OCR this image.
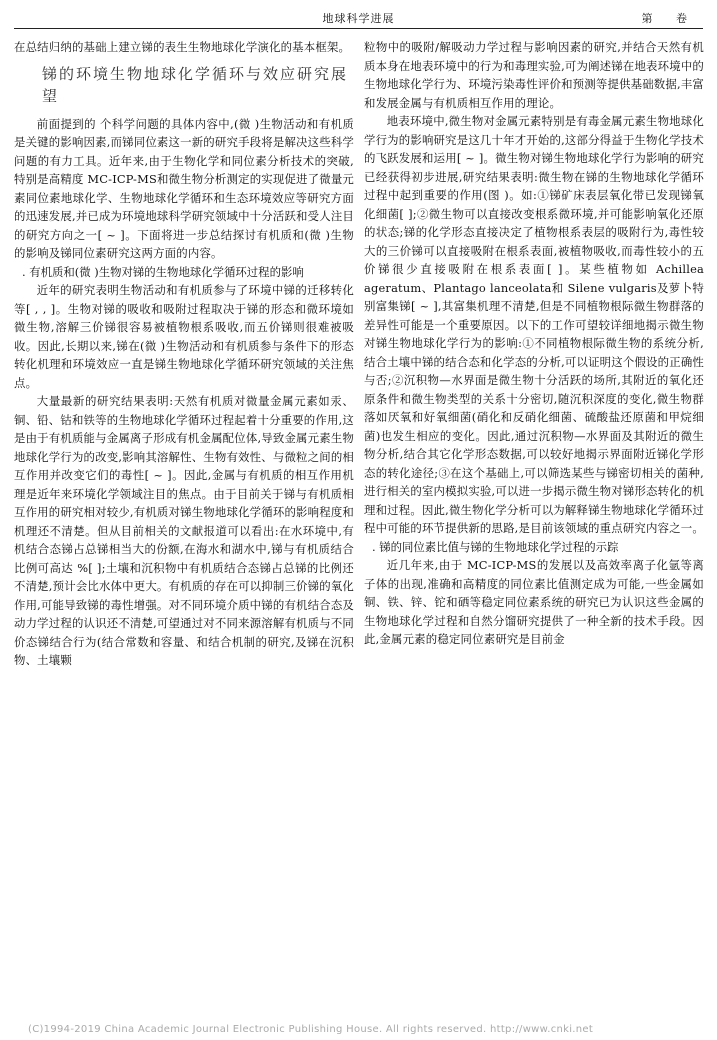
地球科学进展	第 卷

在总结归纳的基础上建立锑的表生生物地球化学演化的基本框架。

锑的环境生物地球化学循环与效应研究展望

前面提到的 个科学问题的具体内容中,(微 )生物活动和有机质是关键的影响因素,而锑同位素这一新的研究手段将是解决这些科学问题的有力工具。近年来,由于生物化学和同位素分析技术的突破,特别是高精度 MC-ICP-MS和微生物分析测定的实现促进了微量元素同位素地球化学、生物地球化学循环和生态环境效应等研究方面的迅速发展,并已成为环境地球科学研究领域中十分活跃和受人注目的研究方向之一[ ~ ]。下面将进一步总结探讨有机质和(微 )生物的影响及锑同位素研究这两方面的内容。

. 有机质和(微 )生物对锑的生物地球化学循环过程的影响

近年的研究表明生物活动和有机质参与了环境中锑的迁移转化等[ , , ]。生物对锑的吸收和吸附过程取决于锑的形态和微环境如微生物,溶解三价锑很容易被植物根系吸收,而五价锑则很难被吸收。因此,长期以来,锑在(微 )生物活动和有机质参与条件下的形态转化机理和环境效应一直是锑生物地球化学循环研究领域的关注焦点。

大量最新的研究结果表明:天然有机质对微量金属元素如汞、铜、铅、钴和铁等的生物地球化学循环过程起着十分重要的作用,这是由于有机质能与金属离子形成有机金属配位体,导致金属元素生物地球化学行为的改变,影响其溶解性、生物有效性、与微粒之间的相互作用并改变它们的毒性[ ~ ]。因此,金属与有机质的相互作用机理是近年来环境化学领域注目的焦点。由于目前关于锑与有机质相互作用的研究相对较少,有机质对锑生物地球化学循环的影响程度和机理还不清楚。但从目前相关的文献报道可以看出:在水环境中,有机结合态锑占总锑相当大的份额,在海水和湖水中,锑与有机质结合比例可高达 %[ ];土壤和沉积物中有机质结合态锑占总锑的比例还不清楚,预计会比水体中更大。有机质的存在可以抑制三价锑的氧化作用,可能导致锑的毒性增强。对不同环境介质中锑的有机结合态及动力学过程的认识还不清楚,可望通过对不同来源溶解有机质与不同价态锑结合行为(结合常数和容量、和结合机制的研究,及锑在沉积物、土壤颗

粒物中的吸附/解吸动力学过程与影响因素的研究,并结合天然有机质本身在地表环境中的行为和毒理实验,可为阐述锑在地表环境中的生物地球化学行为、环境污染毒性评价和预测等提供基础数据,丰富和发展金属与有机质相互作用的理论。

地表环境中,微生物对金属元素特别是有毒金属元素生物地球化学行为的影响研究是这几十年才开始的,这部分得益于生物化学技术的飞跃发展和运用[ ~ ]。微生物对锑生物地球化学行为影响的研究已经获得初步进展,研究结果表明:微生物在锑的生物地球化学循环过程中起到重要的作用(图 )。如:①锑矿床表层氧化带已发现锑氧化细菌[ ];②微生物可以直接改变根系微环境,并可能影响氧化还原的状态;锑的化学形态直接决定了植物根系表层的吸附行为,毒性较大的三价锑可以直接吸附在根系表面,被植物吸收,而毒性较小的五价锑很少直接吸附在根系表面[ ]。某些植物如 Achillea ageratum、Plantago lanceolata和 Silene vulgaris及萝卜特别富集锑[ ~ ],其富集机理不清楚,但是不同植物根际微生物群落的差异性可能是一个重要原因。以下的工作可望较详细地揭示微生物对锑生物地球化学行为的影响:①不同植物根际微生物的系统分析,结合土壤中锑的结合态和化学态的分析,可以证明这个假设的正确性与否;②沉积物—水界面是微生物十分活跃的场所,其附近的氧化还原条件和微生物类型的关系十分密切,随沉积深度的变化,微生物群落如厌氧和好氧细菌(硝化和反硝化细菌、硫酸盐还原菌和甲烷细菌)也发生相应的变化。因此,通过沉积物—水界面及其附近的微生物分析,结合其它化学形态数据,可以较好地揭示界面附近锑化学形态的转化途径;③在这个基础上,可以筛选某些与锑密切相关的菌种,进行相关的室内模拟实验,可以进一步揭示微生物对锑形态转化的机理和过程。因此,微生物化学分析可以为解释锑生物地球化学循环过程中可能的环节提供新的思路,是目前该领域的重点研究内容之一。

. 锑的同位素比值与锑的生物地球化学过程的示踪

近几年来,由于 MC-ICP-MS的发展以及高效率离子化氩等离子体的出现,准确和高精度的同位素比值测定成为可能,一些金属如铜、铁、锌、铊和硒等稳定同位素系统的研究已为认识这些金属的生物地球化学过程和自然分馏研究提供了一种全新的技术手段。因此,金属元素的稳定同位素研究是目前金

(C)1994-2019 China Academic Journal Electronic Publishing House. All rights reserved. http://www.cnki.net
